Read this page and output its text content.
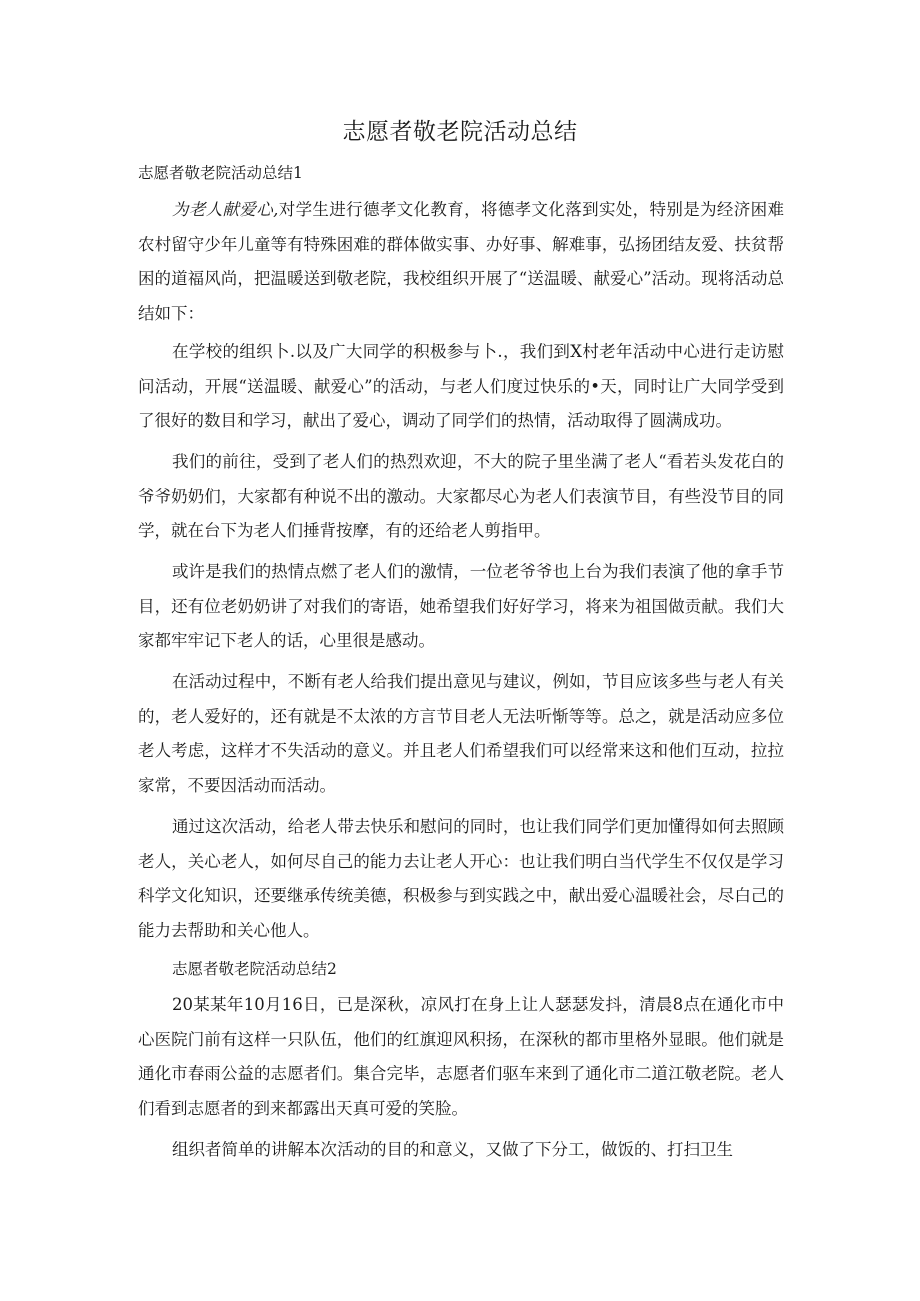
志愿者敬老院活动总结

志愿者敬老院活动总结1

为老人献爱心,对学生进行德孝文化教育，将德孝文化落到实处，特别是为经济困难农村留守少年儿童等有特殊困难的群体做实事、办好事、解难事，弘扬团结友爱、扶贫帮困的道福风尚，把温暖送到敬老院，我校组织开展了“送温暖、献爱心”活动。现将活动总结如下：

在学校的组织卜.以及广大同学的积极参与卜.，我们到X村老年活动中心进行走访慰问活动，开展“送温暖、献爱心”的活动，与老人们度过快乐的•天，同时让广大同学受到了很好的数目和学习，献出了爱心，调动了同学们的热情，活动取得了圆满成功。

我们的前往，受到了老人们的热烈欢迎，不大的院子里坐满了老人“看若头发花白的爷爷奶奶们，大家都有种说不出的激动。大家都尽心为老人们表演节目，有些没节目的同学，就在台下为老人们捶背按摩，有的还给老人剪指甲。

或许是我们的热情点燃了老人们的激情，一位老爷爷也上台为我们表演了他的拿手节目，还有位老奶奶讲了对我们的寄语，她希望我们好好学习，将来为祖国做贡献。我们大家都牢牢记下老人的话，心里很是感动。

在活动过程中，不断有老人给我们提出意见与建议，例如，节目应该多些与老人有关的，老人爱好的，还有就是不太浓的方言节目老人无法听惭等等。总之，就是活动应多位老人考虑，这样才不失活动的意义。并且老人们希望我们可以经常来这和他们互动，拉拉家常，不要因活动而活动。

通过这次活动，给老人带去快乐和慰问的同时，也让我们同学们更加懂得如何去照顾老人，关心老人，如何尽自己的能力去让老人开心：也让我们明白当代学生不仅仅是学习科学文化知识，还要继承传统美德，积极参与到实践之中，献出爱心温暖社会，尽白己的能力去帮助和关心他人。

志愿者敬老院活动总结2

20某某年10月16日，已是深秋，凉风打在身上让人瑟瑟发抖，清晨8点在通化市中心医院门前有这样一只队伍，他们的红旗迎风积扬，在深秋的都市里格外显眼。他们就是通化市春雨公益的志愿者们。集合完毕，志愿者们驱车来到了通化市二道江敬老院。老人们看到志愿者的到来都露出天真可爱的笑脸。

组织者简单的讲解本次活动的目的和意义，又做了下分工，做饭的、打扫卫生
